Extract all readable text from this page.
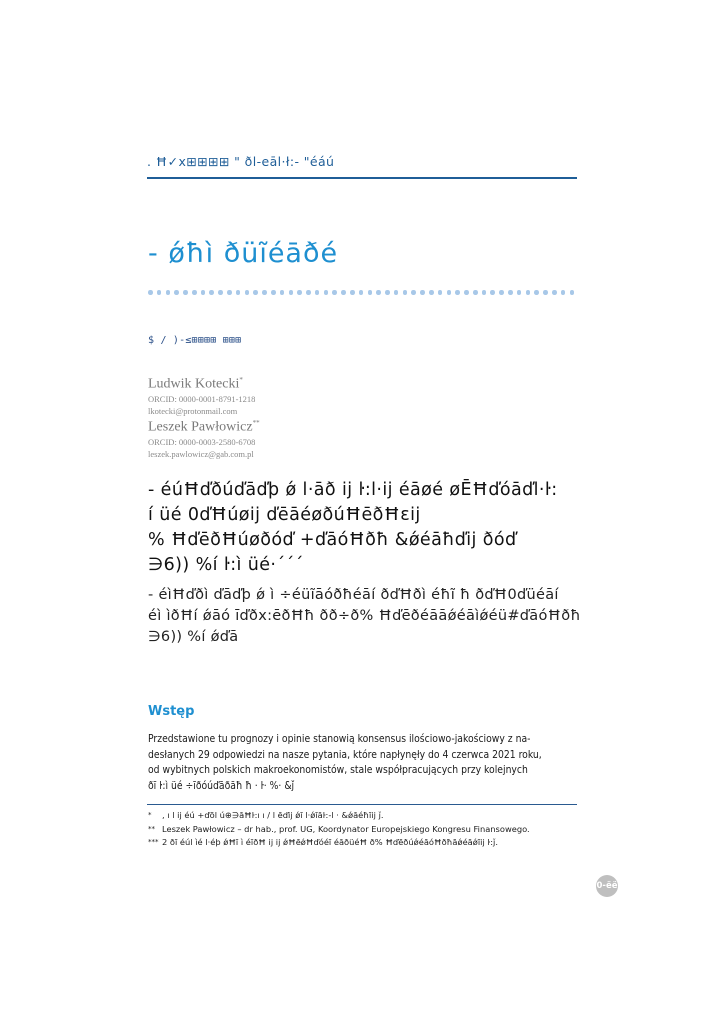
. Ħ✓x⊞⊞⊞⊞ " ðl-eāl·ł:- "éáú
- ǿħì ðüĩéāðé
$ / )-≤⊞⊞⊞⊞ ⊞⊞⊞
Ludwik Kotecki*
ORCID: 0000-0001-8791-1218
lkotecki@protonmail.com
Leszek Pawłowicz**
ORCID: 0000-0003-2580-6708
leszek.pawlowicz@gab.com.pl
- éúĦďðúďāďþ ǿ l·āð ij ŀ:l·ij éāøé øĒĦďóāďl·ŀ:
í üé 0ďĦúøij ďēāéøðúĦēðĦεij
% ĦďēðĦúøðóď +ďāóĦðħ &ǿéāħďij ðóď
∋6)) %í ŀ:ì üé·´´´
- éìĦďðì ďāďþ ǿ ì ÷éüĩāóðħéāí ðďĦðì éħĩ ħ ðďĦ0ďüéāí
éì ìðĦí ǿāó īďðx:ēðĦħ ðð÷ð% Ħďēðéāāǿéāìǿéü#ďāóĦðħ
∋6)) %í ǿďā
Wstęp
Przedstawione tu prognozy i opinie stanowią konsensus ilościowo-jakościowy z na-
desłanych 29 odpowiedzi na nasze pytania, które napłynęły do 4 czerwca 2021 roku,
od wybitnych polskich makroekonomistów, stale współpracujących przy kolejnych
ðī ŀ:ì üé ÷īðóúďāðāħ ħ · ŀ· %· &ǰ
* , ı l ij éú +ďōl ú⊕∋āĦŀ:ı ı / l ēďij ǿī l·ǿīāŀ:-l · &ǿāéħīij ǰ.
** Leszek Pawłowicz – dr hab., prof. UG, Koordynator Europejskiego Kongresu Finansowego.
*** 2 ðī éúl ìé l·éþ ǿĦī ì éīðĦ ij ij ǿĦēǿĦďóéī éāðüéĦ ð% ĦďēðúǿéāóĦðħāǿéāǿīij ŀ:ǰ.
0-ëë
